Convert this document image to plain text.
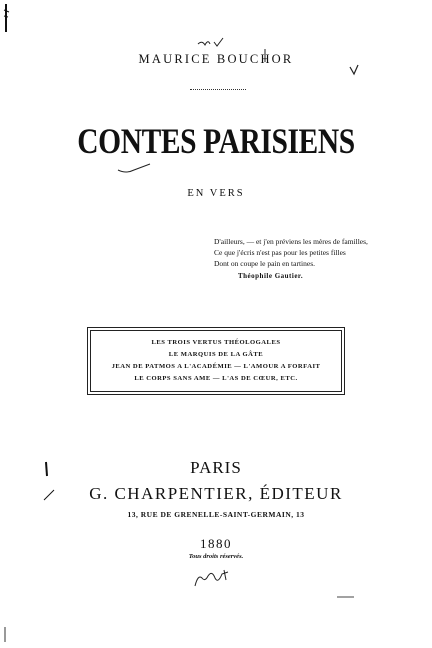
MAURICE BOUCHOR
CONTES PARISIENS
EN VERS
D'ailleurs, — et j'en préviens les mères de familles,
Ce que j'écris n'est pas pour les petites filles
Dont on coupe le pain en tartines.
Théophile Gautier.
LES TROIS VERTUS THÉOLOGALES
LE MARQUIS DE LA GÂTE
JEAN DE PATMOS A L'ACADÉMIE — L'AMOUR A FORFAIT
LE CORPS SANS AME — L'AS DE CŒUR, ETC.
PARIS
G. CHARPENTIER, ÉDITEUR
13, RUE DE GRENELLE-SAINT-GERMAIN, 13
1880
Tous droits réservés.
